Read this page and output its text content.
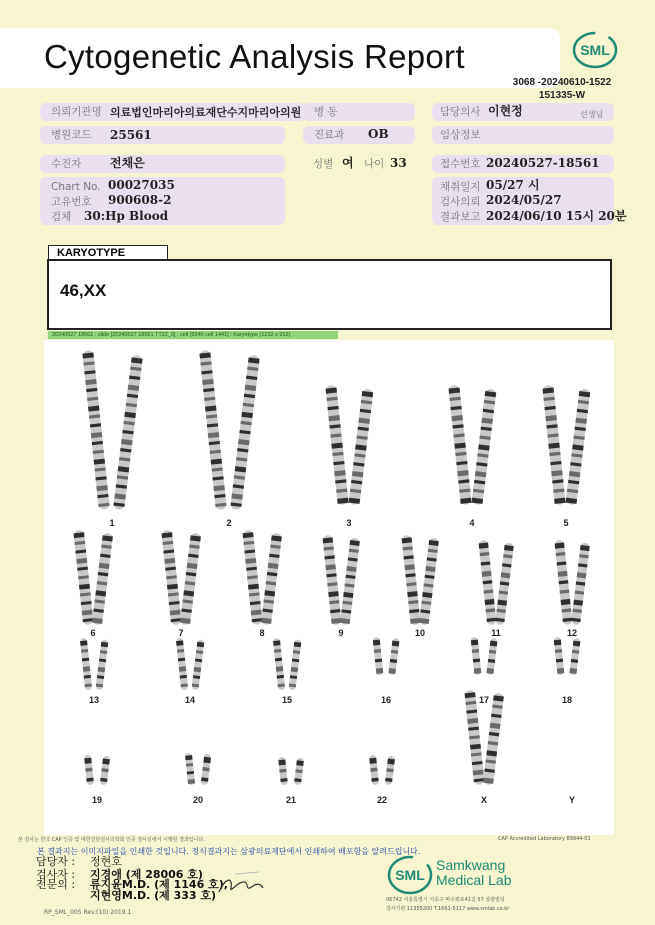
Cytogenetic Analysis Report	SML
3068 -20240610-1522
151335-W
의뢰기관명 의료법인마리아의료재단수지마리아의원 병 동	담당의사 이현정	선생님
병원코드 25561	진료과 OB	임상정보
수진자 전채은	성별 여 나이 33	접수번호 20240527-18561
Chart No. 00027035
고유번호 900608-2
검체 30:Hp Blood
채취일지 05/27 시
검사의뢰 2024/05/27
결과보고 2024/06/10 15시 20분
KARYOTYPE
46,XX
20240527 18561 : slide [20240527 18561 TT22_0] : cell [9340 cell 1441] : Karyotype (1232 x 912)
1	2	3	4	5
6	7	8	9	10	11	12
13	14	15	16	17	18
19	20	21	22	X	Y
본 검사는 한국 CAP 인증 및 대한진단검사의학회 인증 검사실에서 시행된 결과입니다.	CAP Accredited Laboratory 89944-01
본 결과지는 이미지파일을 인쇄한 것입니다. 정식결과지는 삼광의료재단에서 인쇄하여 배포함을 알려드립니다.
담당자 : 정현호
검사자 : 지경애 (제 28006 호)
전문의 : 류지윤M.D. (제 1146 호),
지현영M.D. (제 333 호)
SML
Samkwang
Medical Lab
06742 서울특별시 서초구 바우뫼로41길 57 삼광빌딩
검사기관 11355200 T.1661-5117 www.smlab.co.kr
RP_SML_005 Rev.(10) 2019.1
